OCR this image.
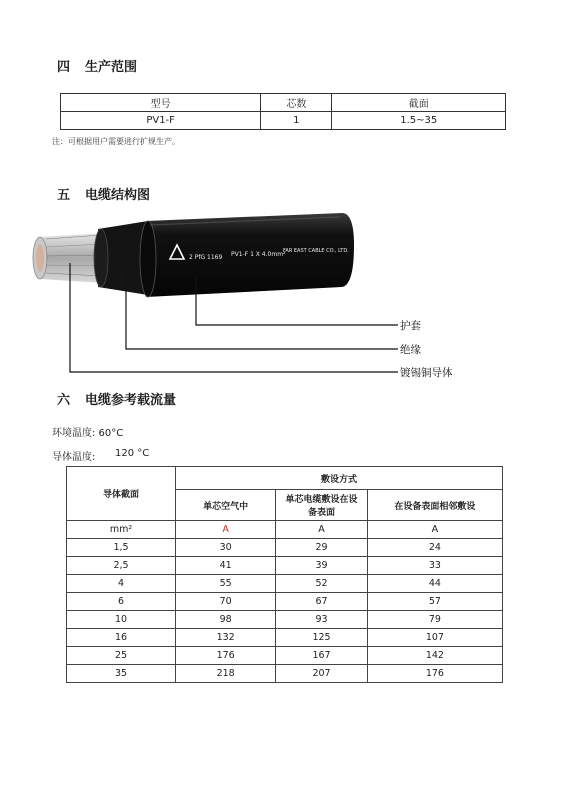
四 生产范围
型号	芯数	截面
PV1-F	1	1.5~35
注：可根据用户需要进行扩规生产。
五 电缆结构图
2 PfG 1169 PV1-F 1 X 4.0mm²
FAR EAST CABLE CO., LTD.
护套
绝缘
镀锡铜导体
六 电缆参考载流量
环境温度: 60°C
导体温度: 120 °C
导体截面	敷设方式		
	单芯空气中	单芯电缆敷设在设备表面	在设备表面相邻敷设
mm²	A	A	A
1,5	30	29	24
2,5	41	39	33
4	55	52	44
6	70	67	57
10	98	93	79
16	132	125	107
25	176	167	142
35	218	207	176
